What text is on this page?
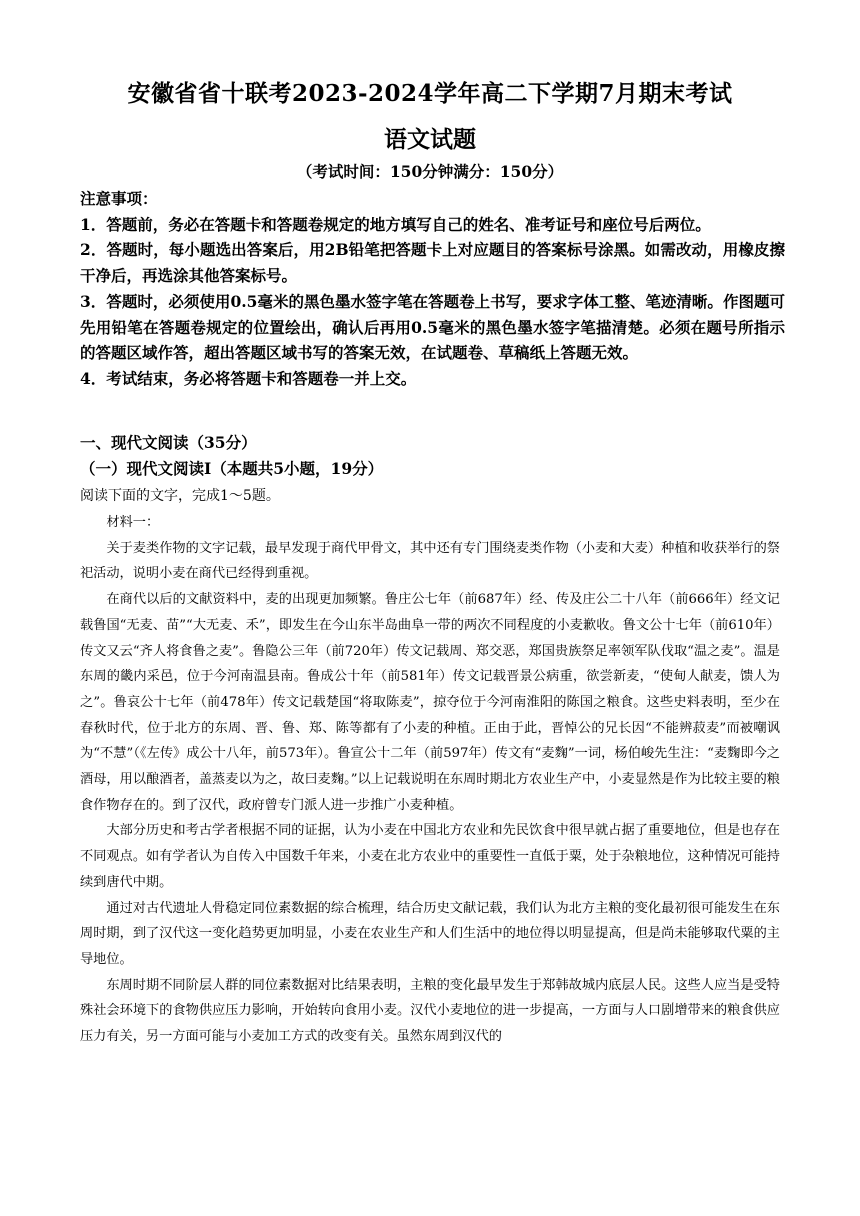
安徽省省十联考2023-2024学年高二下学期7月期末考试
语文试题
（考试时间：150分钟满分：150分）

注意事项：

1．答题前，务必在答题卡和答题卷规定的地方填写自己的姓名、准考证号和座位号后两位。

2．答题时，每小题选出答案后，用2B铅笔把答题卡上对应题目的答案标号涂黑。如需改动，用橡皮擦干净后，再选涂其他答案标号。

3．答题时，必须使用0.5毫米的黑色墨水签字笔在答题卷上书写，要求字体工整、笔迹清晰。作图题可先用铅笔在答题卷规定的位置绘出，确认后再用0.5毫米的黑色墨水签字笔描清楚。必须在题号所指示的答题区域作答，超出答题区域书写的答案无效，在试题卷、草稿纸上答题无效。

4．考试结束，务必将答题卡和答题卷一并上交。

一、现代文阅读（35分）
（一）现代文阅读Ⅰ（本题共5小题，19分）
阅读下面的文字，完成1～5题。

材料一：

关于麦类作物的文字记载，最早发现于商代甲骨文，其中还有专门围绕麦类作物（小麦和大麦）种植和收获举行的祭祀活动，说明小麦在商代已经得到重视。

在商代以后的文献资料中，麦的出现更加频繁。鲁庄公七年（前687年）经、传及庄公二十八年（前666年）经文记载鲁国“无麦、苗”“大无麦、禾”，即发生在今山东半岛曲阜一带的两次不同程度的小麦歉收。鲁文公十七年（前610年）传文又云“齐人将食鲁之麦”。鲁隐公三年（前720年）传文记载周、郑交恶，郑国贵族祭足率领军队伐取“温之麦”。温是东周的畿内采邑，位于今河南温县南。鲁成公十年（前581年）传文记载晋景公病重，欲尝新麦，“使甸人献麦，馈人为之”。鲁哀公十七年（前478年）传文记载楚国“将取陈麦”，掠夺位于今河南淮阳的陈国之粮食。这些史料表明，至少在春秋时代，位于北方的东周、晋、鲁、郑、陈等都有了小麦的种植。正由于此，晋悼公的兄长因“不能辨菽麦”而被嘲讽为“不慧”（《左传》成公十八年，前573年）。鲁宣公十二年（前597年）传文有“麦麴”一词，杨伯峻先生注：“麦麴即今之酒母，用以酿酒者，盖蒸麦以为之，故曰麦麴。”以上记载说明在东周时期北方农业生产中，小麦显然是作为比较主要的粮食作物存在的。到了汉代，政府曾专门派人进一步推广小麦种植。

大部分历史和考古学者根据不同的证据，认为小麦在中国北方农业和先民饮食中很早就占据了重要地位，但是也存在不同观点。如有学者认为自传入中国数千年来，小麦在北方农业中的重要性一直低于粟，处于杂粮地位，这种情况可能持续到唐代中期。

通过对古代遗址人骨稳定同位素数据的综合梳理，结合历史文献记载，我们认为北方主粮的变化最初很可能发生在东周时期，到了汉代这一变化趋势更加明显，小麦在农业生产和人们生活中的地位得以明显提高，但是尚未能够取代粟的主导地位。

东周时期不同阶层人群的同位素数据对比结果表明，主粮的变化最早发生于郑韩故城内底层人民。这些人应当是受特殊社会环境下的食物供应压力影响，开始转向食用小麦。汉代小麦地位的进一步提高，一方面与人口剧增带来的粮食供应压力有关，另一方面可能与小麦加工方式的改变有关。虽然东周到汉代的
